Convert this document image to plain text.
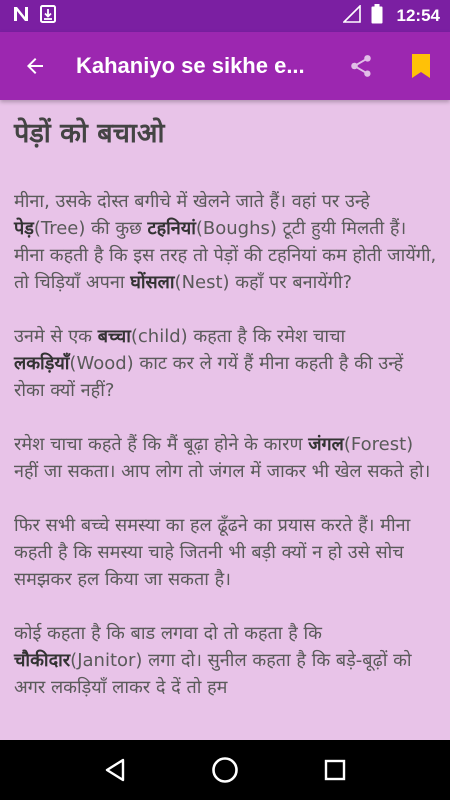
12:54
Kahaniyo se sikhe e...
पेड़ों को बचाओ

मीना, उसके दोस्त बगीचे में खेलने जाते हैं। वहां पर उन्हे पेड़(Tree) की कुछ टहनियां(Boughs) टूटी हुयी मिलती हैं। मीना कहती है कि इस तरह तो पेड़ों की टहनियां कम होती जायेंगी, तो चिड़ियाँ अपना घोंसला(Nest) कहाँ पर बनायेंगी?

उनमे से एक बच्चा(child) कहता है कि रमेश चाचा लकड़ियाँ(Wood) काट कर ले गयें हैं मीना कहती है की उन्हें रोका क्यों नहीं?

रमेश चाचा कहते हैं कि मैं बूढ़ा होने के कारण जंगल(Forest) नहीं जा सकता। आप लोग तो जंगल में जाकर भी खेल सकते हो।

फिर सभी बच्चे समस्या का हल ढूँढने का प्रयास करते हैं। मीना कहती है कि समस्या चाहे जितनी भी बड़ी क्यों न हो उसे सोच समझकर हल किया जा सकता है।

कोई कहता है कि बाड लगवा दो तो कहता है कि चौकीदार(Janitor) लगा दो। सुनील कहता है कि बड़े-बूढ़ों को अगर लकड़ियाँ लाकर दे दें तो हम
